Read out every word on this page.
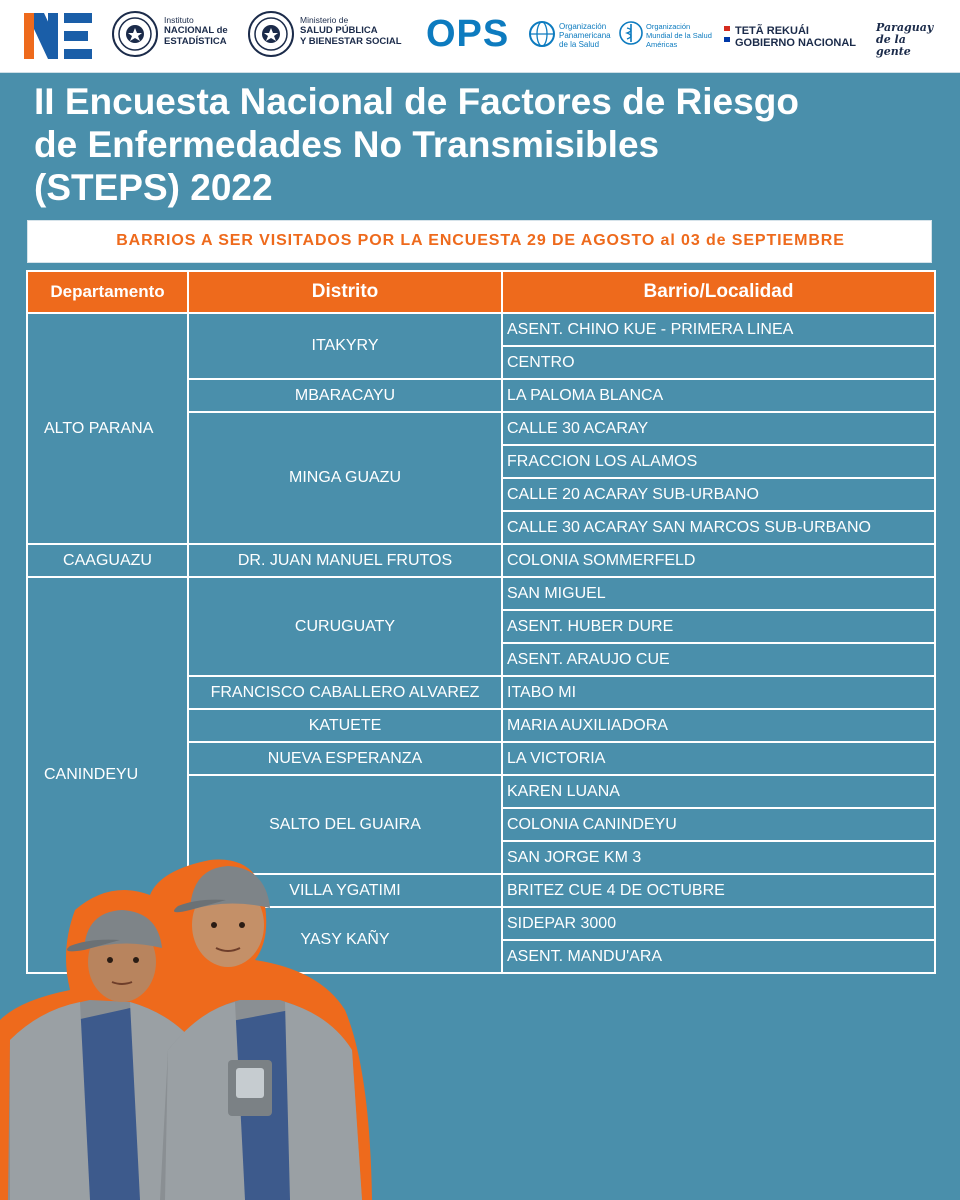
Instituto
NACIONAL de
ESTADÍSTICA
Ministerio de
SALUD PÚBLICA
Y BIENESTAR SOCIAL OPS	Organización
Panamericana
de la Salud
Organización
Mundial de la Salud
Américas
TETÃ REKUÁI
GOBIERNO NACIONAL
Paraguay
de la gente
II Encuesta Nacional de Factores de Riesgo
de Enfermedades No Transmisibles
(STEPS) 2022
BARRIOS A SER VISITADOS POR LA ENCUESTA 29 DE AGOSTO al 03 de SEPTIEMBRE
Departamento	Distrito	Barrio/Localidad
ALTO PARANA	ITAKYRY	ASENT. CHINO KUE - PRIMERA LINEA
		CENTRO
	MBARACAYU	LA PALOMA BLANCA
	MINGA GUAZU	CALLE 30 ACARAY
		FRACCION LOS ALAMOS
		CALLE 20 ACARAY SUB-URBANO
		CALLE 30 ACARAY SAN MARCOS SUB-URBANO
CAAGUAZU	DR. JUAN MANUEL FRUTOS	COLONIA SOMMERFELD
CANINDEYU	CURUGUATY	SAN MIGUEL
		ASENT. HUBER DURE
		ASENT. ARAUJO CUE
	FRANCISCO CABALLERO ALVAREZ	ITABO MI
	KATUETE	MARIA AUXILIADORA
	NUEVA ESPERANZA	LA VICTORIA
	SALTO DEL GUAIRA	KAREN LUANA
		COLONIA CANINDEYU
		SAN JORGE KM 3
	VILLA YGATIMI	BRITEZ CUE 4 DE OCTUBRE
	YASY KAÑY	SIDEPAR 3000
		ASENT. MANDU'ARA
